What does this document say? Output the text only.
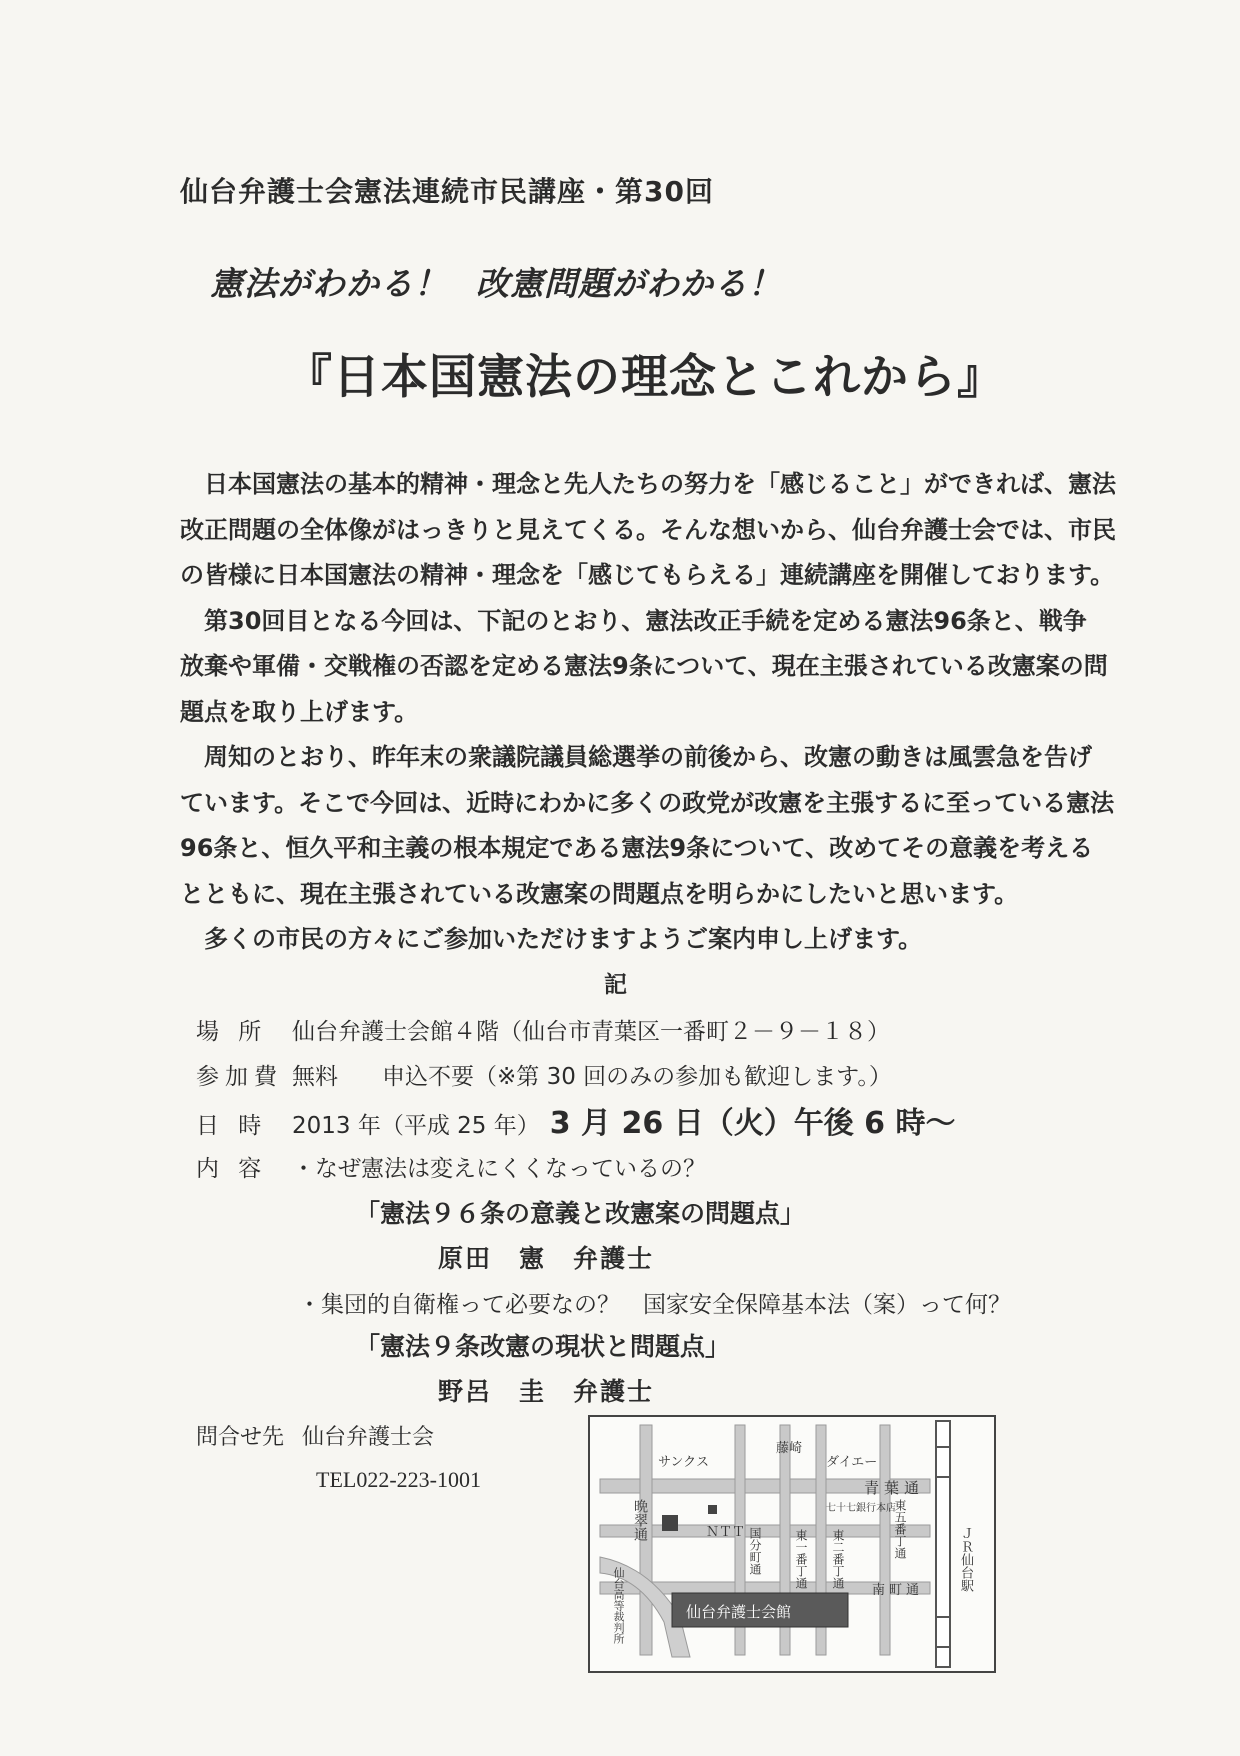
仙台弁護士会憲法連続市民講座・第30回
憲法がわかる！ 改憲問題がわかる！
『日本国憲法の理念とこれから』

　日本国憲法の基本的精神・理念と先人たちの努力を「感じること」ができれば、憲法

改正問題の全体像がはっきりと見えてくる。そんな想いから、仙台弁護士会では、市民

の皆様に日本国憲法の精神・理念を「感じてもらえる」連続講座を開催しております。

　第30回目となる今回は、下記のとおり、憲法改正手続を定める憲法96条と、戦争

放棄や軍備・交戦権の否認を定める憲法9条について、現在主張されている改憲案の問

題点を取り上げます。

　周知のとおり、昨年末の衆議院議員総選挙の前後から、改憲の動きは風雲急を告げ

ています。そこで今回は、近時にわかに多くの政党が改憲を主張するに至っている憲法

96条と、恒久平和主義の根本規定である憲法9条について、改めてその意義を考える

とともに、現在主張されている改憲案の問題点を明らかにしたいと思います。

　多くの市民の方々にご参加いただけますようご案内申し上げます。

記
場 所 仙台弁護士会館４階（仙台市青葉区一番町２－９－１８）
参加費 無料 申込不要（※第 30 回のみの参加も歓迎します。）
日 時 2013 年（平成 25 年） 3 月 26 日（火）午後 6 時～
内 容 ・なぜ憲法は変えにくくなっているの？
「憲法９６条の意義と改憲案の問題点」
原田　憲　弁護士
・集団的自衛権って必要なの？　国家安全保障基本法（案）って何？
「憲法９条改憲の現状と問題点」
野呂　圭　弁護士
問合せ先 仙台弁護士会
TEL022-223-1001
サンクス
藤崎
ダイエー
青葉通
七十七銀行本店
ＮＴＴ
晩翠通
国分町通	東一番丁通 東二番丁通	東五番丁通
南町通	ＪＲ仙台駅
仙台高等裁判所	仙台弁護士会館
